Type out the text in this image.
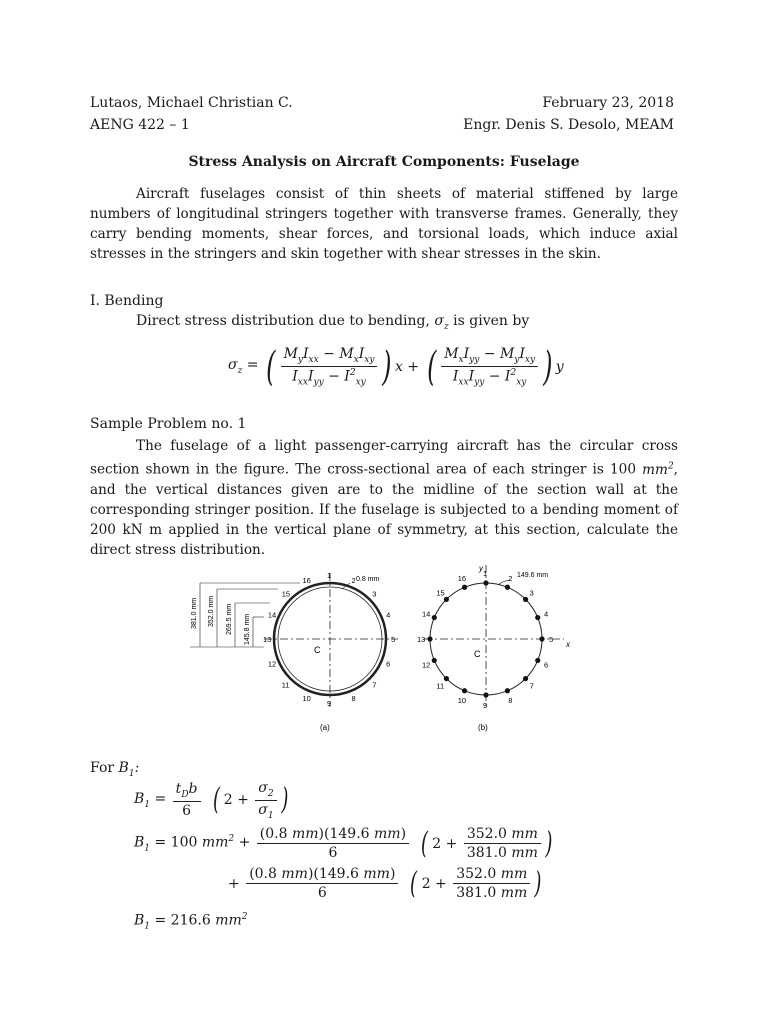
Lutaos, Michael Christian C.
AENG 422 – 1
February 23, 2018
Engr. Denis S. Desolo, MEAM
Stress Analysis on Aircraft Components: Fuselage
Aircraft fuselages consist of thin sheets of material stiffened by large numbers of longitudinal stringers together with transverse frames. Generally, they carry bending moments, shear forces, and torsional loads, which induce axial stresses in the stringers and skin together with shear stresses in the skin.
I. Bending
Direct stress distribution due to bending, $\sigma_z$ is given by
$\sigma_z$ = ( $\frac{M_yI_{xx} - M_xI_{xy}}{I_{xx}I_{yy} - I^2_{xy}}$ ) x + ( $\frac{M_xI_{yy} - M_yI_{xy}}{I_{xx}I_{yy} - I^2_{xy}}$ ) y
Sample Problem no. 1
The fuselage of a light passenger-carrying aircraft has the circular cross section shown in the figure. The cross-sectional area of each stringer is 100 $mm^2$, and the vertical distances given are to the midline of the section wall at the corresponding stringer position. If the fuselage is subjected to a bending moment of 200 kN m applied in the vertical plane of symmetry, at this section, calculate the direct stress distribution.
381.0 mm 352.0 mm 269.5 mm 145.8 mm
0.8 mm
C
1
2
3
4
5
6
7
8
9
10
11
12
13
14
15
16
(a)
y
x
149.6 mm
C
1
2
3
4
5
6
7
8
9
10
11
12
13
14
15
16
(b)
For $B_1$:
$B_1 = \frac{t_Db}{6}$ ( $2 + \frac{\sigma_2}{\sigma_1}$ )
$B_1 = 100$ $mm^2 + \frac{(0.8 mm)(149.6 mm)}{6}$ ( $2 + \frac{352.0 mm}{381.0 mm}$ )
+ $\frac{(0.8 mm)(149.6 mm)}{6}$ ( $2 + \frac{352.0 mm}{381.0 mm}$ )
$B_1 = 216.6$ $mm^2$
